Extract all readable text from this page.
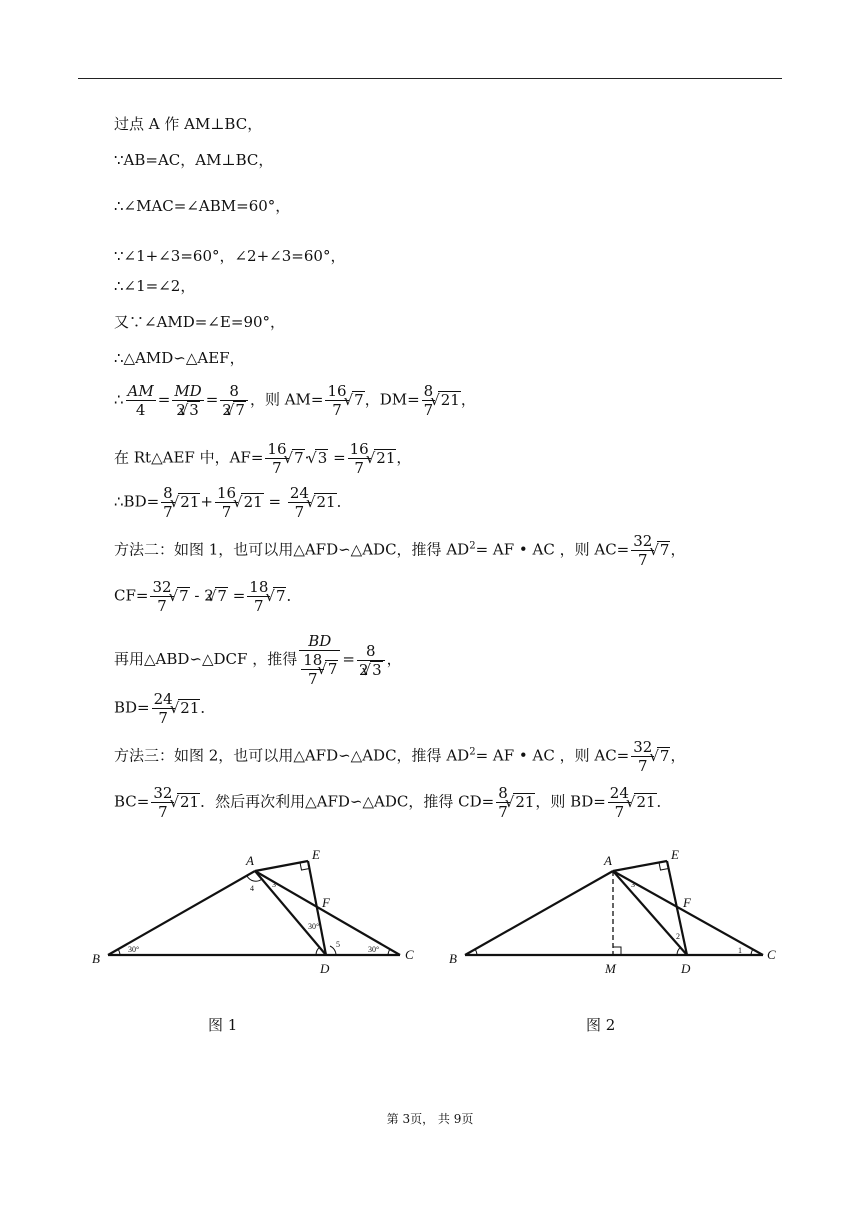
过点 A 作 AM⊥BC，
∵AB=AC，AM⊥BC，
∴∠MAC=∠ABM=60°，
∵∠1+∠3=60°，∠2+∠3=60°，
∴∠1=∠2，
又∵∠AMD=∠E=90°，
∴△AMD∽△AEF，
∴ $\frac{AM}{4} = \frac{MD}{2√ 3} = \frac{8}{2√ 7}$ ，则 $AM= \frac{16}{7}$
√ 7，$DM= \frac{8}{7}$
√ 21，
在 Rt△AEF 中，$AF= \frac{16}{7}$
√ 7· √ $3 = \frac{16}{7}$
√ 21，
∴BD= $\frac{8}{7}$
√ $21+ \frac{16}{7}$
√ $21 = \frac{24}{7}$
√ 21．
方法二：如图 1，也可以用△AFD∽△ADC，推得 $AD^2=$ AF • AC ，则 $AC= \frac{32}{7}$
√ 7，
$CF= \frac{32}{7}$
√ 7 - 2√ $7 = \frac{18}{7}$
√ 7．
再用△ABD∽△DCF ，推得 BD
$\frac{18}{7}$
√ $7 = \frac{8}{2√ 3}$ ，
$BD= \frac{24}{7}$
√ 21．
方法三：如图 2，也可以用△AFD∽△ADC，推得 $AD^2=$ AF • AC ，则 $AC= \frac{32}{7}$
√ 7，
$BC= \frac{32}{7}$
√ 21．然后再次利用△AFD∽△ADC，推得 $CD= \frac{8}{7}$
√ 21，则 $BD= \frac{24}{7}$
√ 21．
A	E
F
B	C
D
30°	30°
30°
4 3
5
图 1
A	E
F
B	C
D
M
3
2
1
图 2
第 3页， 共 9页
